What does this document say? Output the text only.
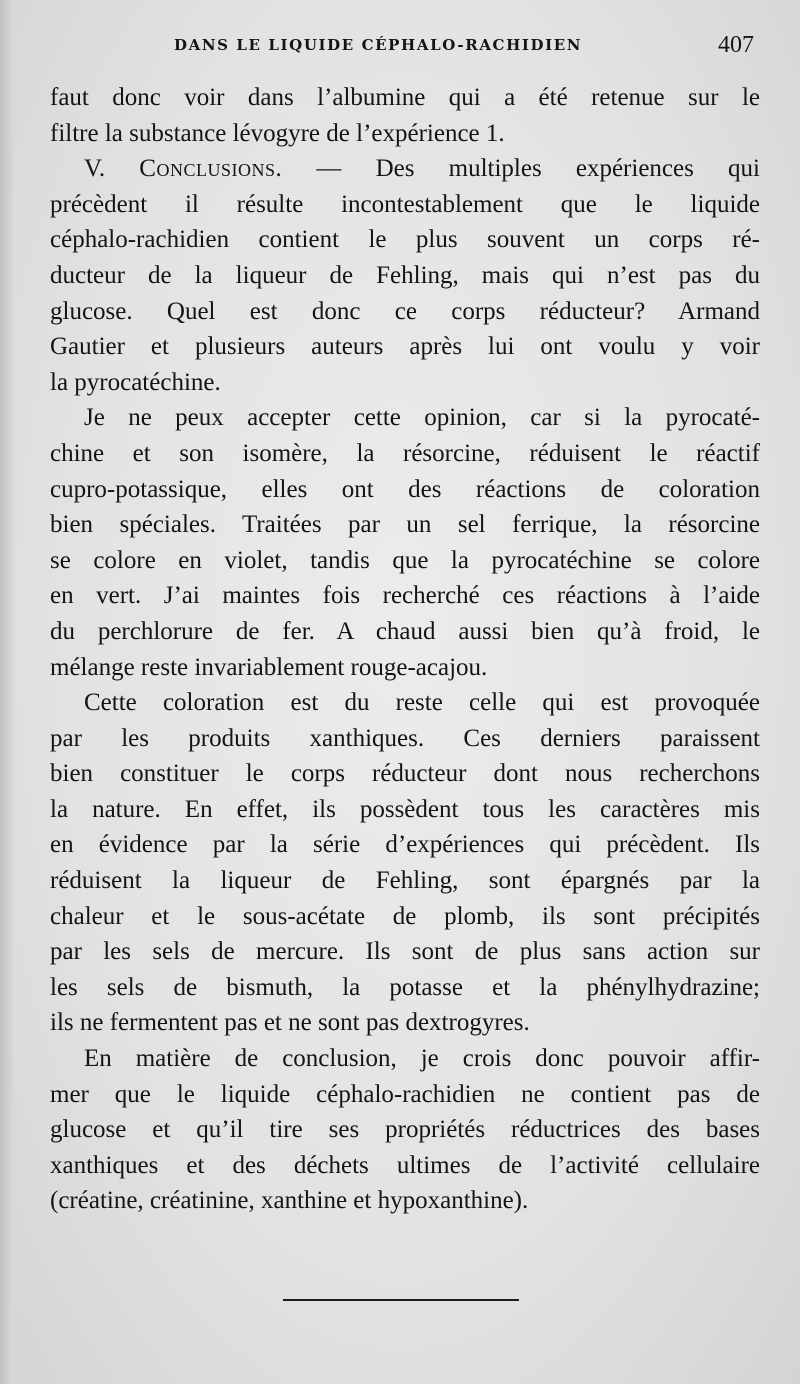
DANS LE LIQUIDE CÉPHALO-RACHIDIEN	407
faut donc voir dans l’albumine qui a été retenue sur le
filtre la substance lévogyre de l’expérience 1.
V. Conclusions. — Des multiples expériences qui
précèdent il résulte incontestablement que le liquide
céphalo-rachidien contient le plus souvent un corps ré-
ducteur de la liqueur de Fehling, mais qui n’est pas du
glucose. Quel est donc ce corps réducteur? Armand
Gautier et plusieurs auteurs après lui ont voulu y voir
la pyrocatéchine.
Je ne peux accepter cette opinion, car si la pyrocaté-
chine et son isomère, la résorcine, réduisent le réactif
cupro-potassique, elles ont des réactions de coloration
bien spéciales. Traitées par un sel ferrique, la résorcine
se colore en violet, tandis que la pyrocatéchine se colore
en vert. J’ai maintes fois recherché ces réactions à l’aide
du perchlorure de fer. A chaud aussi bien qu’à froid, le
mélange reste invariablement rouge-acajou.
Cette coloration est du reste celle qui est provoquée
par les produits xanthiques. Ces derniers paraissent
bien constituer le corps réducteur dont nous recherchons
la nature. En effet, ils possèdent tous les caractères mis
en évidence par la série d’expériences qui précèdent. Ils
réduisent la liqueur de Fehling, sont épargnés par la
chaleur et le sous-acétate de plomb, ils sont précipités
par les sels de mercure. Ils sont de plus sans action sur
les sels de bismuth, la potasse et la phénylhydrazine;
ils ne fermentent pas et ne sont pas dextrogyres.
En matière de conclusion, je crois donc pouvoir affir-
mer que le liquide céphalo-rachidien ne contient pas de
glucose et qu’il tire ses propriétés réductrices des bases
xanthiques et des déchets ultimes de l’activité cellulaire
(créatine, créatinine, xanthine et hypoxanthine).
